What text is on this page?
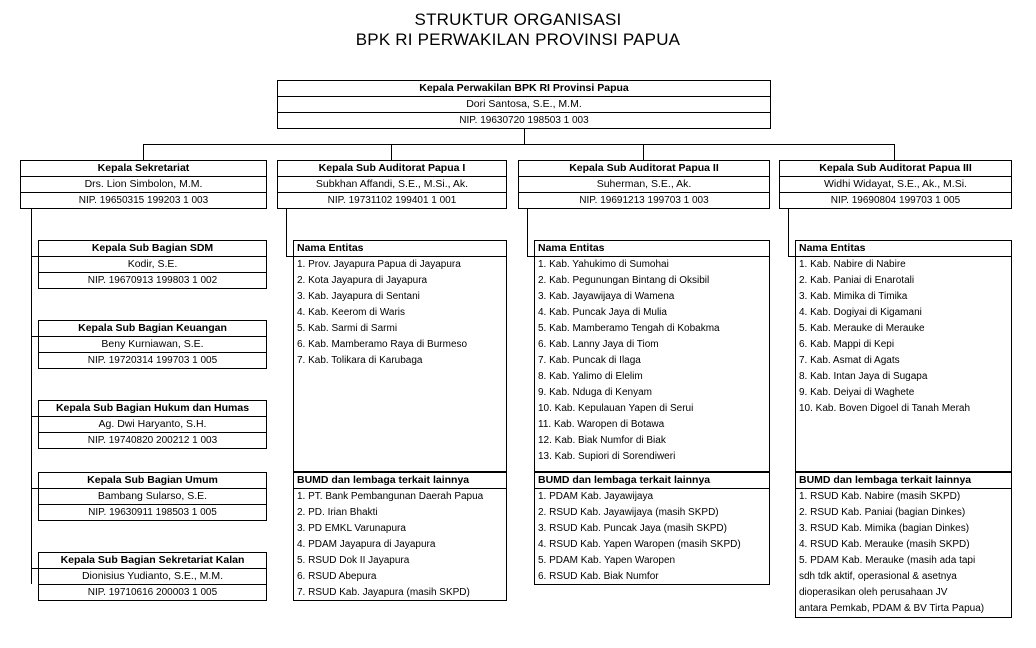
STRUKTUR ORGANISASI
BPK RI PERWAKILAN PROVINSI PAPUA
Kepala Perwakilan BPK RI Provinsi Papua
Dori Santosa, S.E., M.M.
NIP. 19630720 198503 1 003
Kepala Sekretariat
Drs. Lion Simbolon, M.M.
NIP. 19650315 199203 1 003
Kepala Sub Auditorat Papua I
Subkhan Affandi, S.E., M.Si., Ak.
NIP. 19731102 199401 1 001
Kepala Sub Auditorat Papua II
Suherman, S.E., Ak.
NIP. 19691213 199703 1 003
Kepala Sub Auditorat Papua III
Widhi Widayat, S.E., Ak., M.Si.
NIP. 19690804 199703 1 005
Kepala Sub Bagian SDM
Kodir, S.E.
NIP. 19670913 199803 1 002
Kepala Sub Bagian Keuangan
Beny Kurniawan, S.E.
NIP. 19720314 199703 1 005
Kepala Sub Bagian Hukum dan Humas
Ag. Dwi Haryanto, S.H.
NIP. 19740820 200212 1 003
Kepala Sub Bagian Umum
Bambang Sularso, S.E.
NIP. 19630911 198503 1 005
Kepala Sub Bagian Sekretariat Kalan
Dionisius Yudianto, S.E., M.M.
NIP. 19710616 200003 1 005
Nama Entitas
1. Prov. Jayapura Papua di Jayapura
2. Kota Jayapura di Jayapura
3. Kab. Jayapura di Sentani
4. Kab. Keerom di Waris
5. Kab. Sarmi di Sarmi
6. Kab. Mamberamo Raya di Burmeso
7. Kab. Tolikara di Karubaga
BUMD dan lembaga terkait lainnya
1. PT. Bank Pembangunan Daerah Papua
2. PD. Irian Bhakti
3. PD EMKL Varunapura
4. PDAM Jayapura di Jayapura
5. RSUD Dok II Jayapura
6. RSUD Abepura
7. RSUD Kab. Jayapura (masih SKPD)
Nama Entitas
1. Kab. Yahukimo di Sumohai
2. Kab. Pegunungan Bintang di Oksibil
3. Kab. Jayawijaya di Wamena
4. Kab. Puncak Jaya di Mulia
5. Kab. Mamberamo Tengah di Kobakma
6. Kab. Lanny Jaya di Tiom
7. Kab. Puncak di Ilaga
8. Kab. Yalimo di Elelim
9. Kab. Nduga di Kenyam
10. Kab. Kepulauan Yapen di Serui
11. Kab. Waropen di Botawa
12. Kab. Biak Numfor di Biak
13. Kab. Supiori di Sorendiweri
BUMD dan lembaga terkait lainnya
1. PDAM Kab. Jayawijaya
2. RSUD Kab. Jayawijaya (masih SKPD)
3. RSUD Kab. Puncak Jaya (masih SKPD)
4. RSUD Kab. Yapen Waropen (masih SKPD)
5. PDAM Kab. Yapen Waropen
6. RSUD Kab. Biak Numfor
Nama Entitas
1. Kab. Nabire di Nabire
2. Kab. Paniai di Enarotali
3. Kab. Mimika di Timika
4. Kab. Dogiyai di Kigamani
5. Kab. Merauke di Merauke
6. Kab. Mappi di Kepi
7. Kab. Asmat di Agats
8. Kab. Intan Jaya di Sugapa
9. Kab. Deiyai di Waghete
10. Kab. Boven Digoel di Tanah Merah
BUMD dan lembaga terkait lainnya
1. RSUD Kab. Nabire (masih SKPD)
2. RSUD Kab. Paniai (bagian Dinkes)
3. RSUD Kab. Mimika (bagian Dinkes)
4. RSUD Kab. Merauke (masih SKPD)
5. PDAM Kab. Merauke (masih ada tapi
sdh tdk aktif, operasional & asetnya
dioperasikan oleh perusahaan JV
antara Pemkab, PDAM & BV Tirta Papua)
